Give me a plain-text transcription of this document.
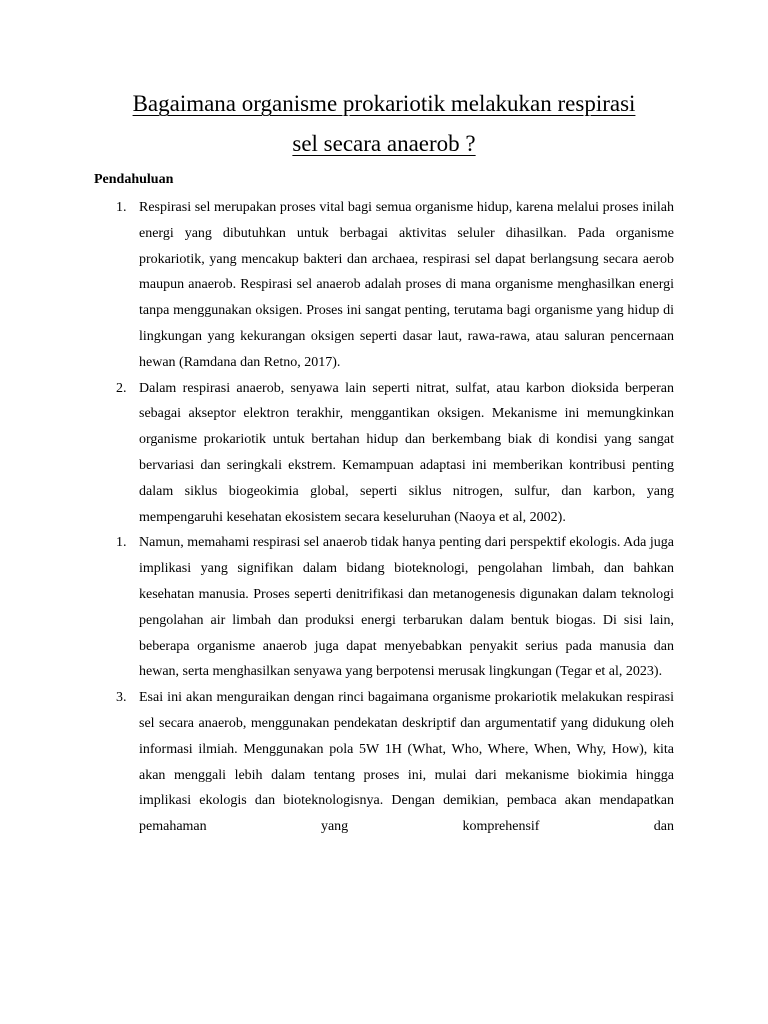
Bagaimana organisme prokariotik melakukan respirasi
sel secara anaerob ?
Pendahuluan
1. Respirasi sel merupakan proses vital bagi semua organisme hidup, karena melalui proses inilah energi yang dibutuhkan untuk berbagai aktivitas seluler dihasilkan. Pada organisme prokariotik, yang mencakup bakteri dan archaea, respirasi sel dapat berlangsung secara aerob maupun anaerob. Respirasi sel anaerob adalah proses di mana organisme menghasilkan energi tanpa menggunakan oksigen. Proses ini sangat penting, terutama bagi organisme yang hidup di lingkungan yang kekurangan oksigen seperti dasar laut, rawa-rawa, atau saluran pencernaan hewan (Ramdana dan Retno, 2017).
2. Dalam respirasi anaerob, senyawa lain seperti nitrat, sulfat, atau karbon dioksida berperan sebagai akseptor elektron terakhir, menggantikan oksigen. Mekanisme ini memungkinkan organisme prokariotik untuk bertahan hidup dan berkembang biak di kondisi yang sangat bervariasi dan seringkali ekstrem. Kemampuan adaptasi ini memberikan kontribusi penting dalam siklus biogeokimia global, seperti siklus nitrogen, sulfur, dan karbon, yang mempengaruhi kesehatan ekosistem secara keseluruhan (Naoya et al, 2002).
1. Namun, memahami respirasi sel anaerob tidak hanya penting dari perspektif ekologis. Ada juga implikasi yang signifikan dalam bidang bioteknologi, pengolahan limbah, dan bahkan kesehatan manusia. Proses seperti denitrifikasi dan metanogenesis digunakan dalam teknologi pengolahan air limbah dan produksi energi terbarukan dalam bentuk biogas. Di sisi lain, beberapa organisme anaerob juga dapat menyebabkan penyakit serius pada manusia dan hewan, serta menghasilkan senyawa yang berpotensi merusak lingkungan (Tegar et al, 2023).
3. Esai ini akan menguraikan dengan rinci bagaimana organisme prokariotik melakukan respirasi sel secara anaerob, menggunakan pendekatan deskriptif dan argumentatif yang didukung oleh informasi ilmiah. Menggunakan pola 5W 1H (What, Who, Where, When, Why, How), kita akan menggali lebih dalam tentang proses ini, mulai dari mekanisme biokimia hingga implikasi ekologis dan bioteknologisnya. Dengan demikian, pembaca akan mendapatkan pemahaman yang komprehensif dan
